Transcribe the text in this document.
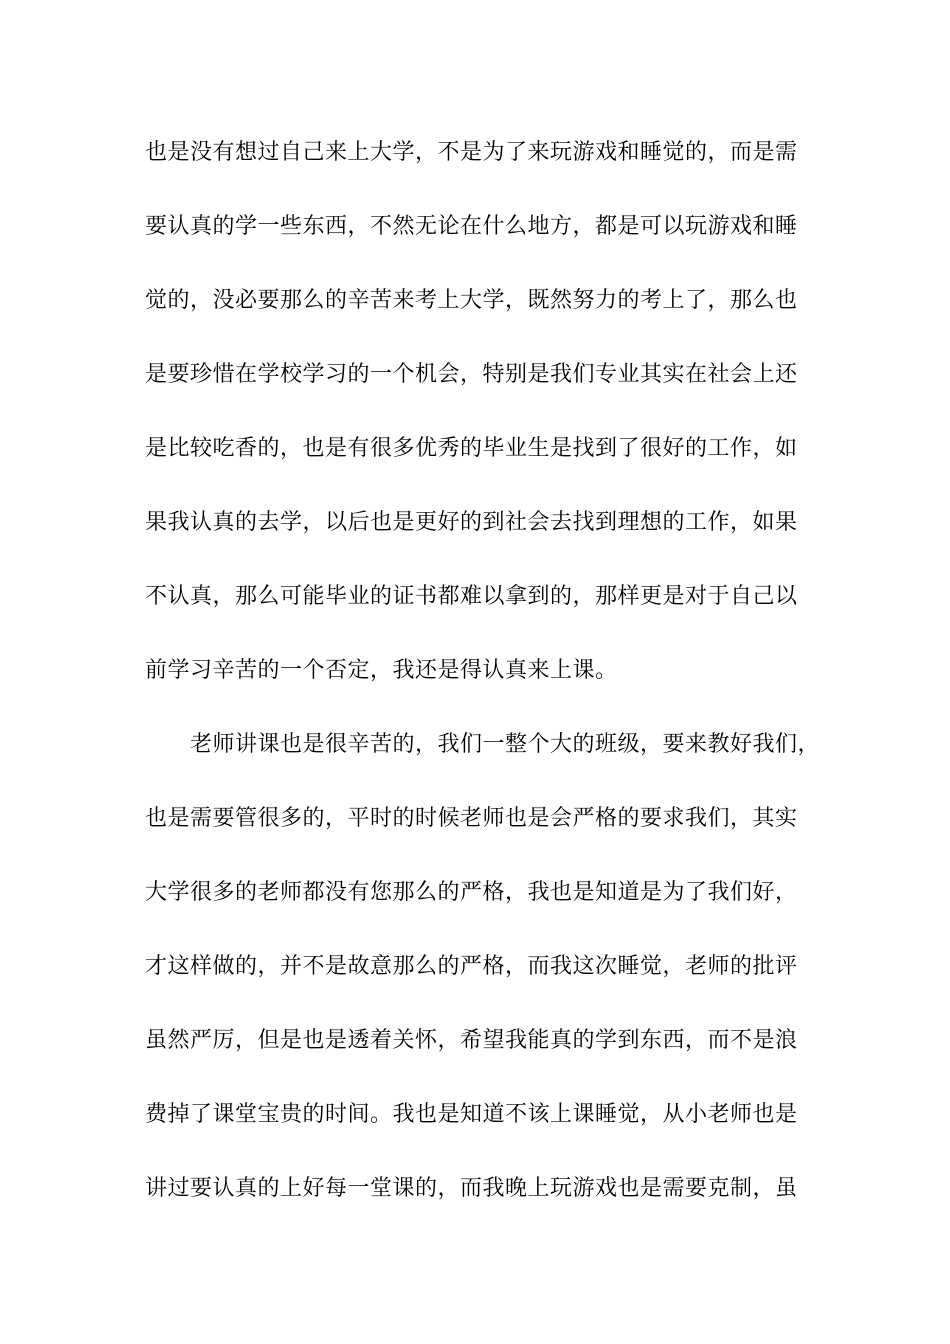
也是没有想过自己来上大学，不是为了来玩游戏和睡觉的，而是需
要认真的学一些东西，不然无论在什么地方，都是可以玩游戏和睡
觉的，没必要那么的辛苦来考上大学，既然努力的考上了，那么也
是要珍惜在学校学习的一个机会，特别是我们专业其实在社会上还
是比较吃香的，也是有很多优秀的毕业生是找到了很好的工作，如
果我认真的去学，以后也是更好的到社会去找到理想的工作，如果
不认真，那么可能毕业的证书都难以拿到的，那样更是对于自己以
前学习辛苦的一个否定，我还是得认真来上课。
老师讲课也是很辛苦的，我们一整个大的班级，要来教好我们，
也是需要管很多的，平时的时候老师也是会严格的要求我们，其实
大学很多的老师都没有您那么的严格，我也是知道是为了我们好，
才这样做的，并不是故意那么的严格，而我这次睡觉，老师的批评
虽然严厉，但是也是透着关怀，希望我能真的学到东西，而不是浪
费掉了课堂宝贵的时间。我也是知道不该上课睡觉，从小老师也是
讲过要认真的上好每一堂课的，而我晚上玩游戏也是需要克制，虽
